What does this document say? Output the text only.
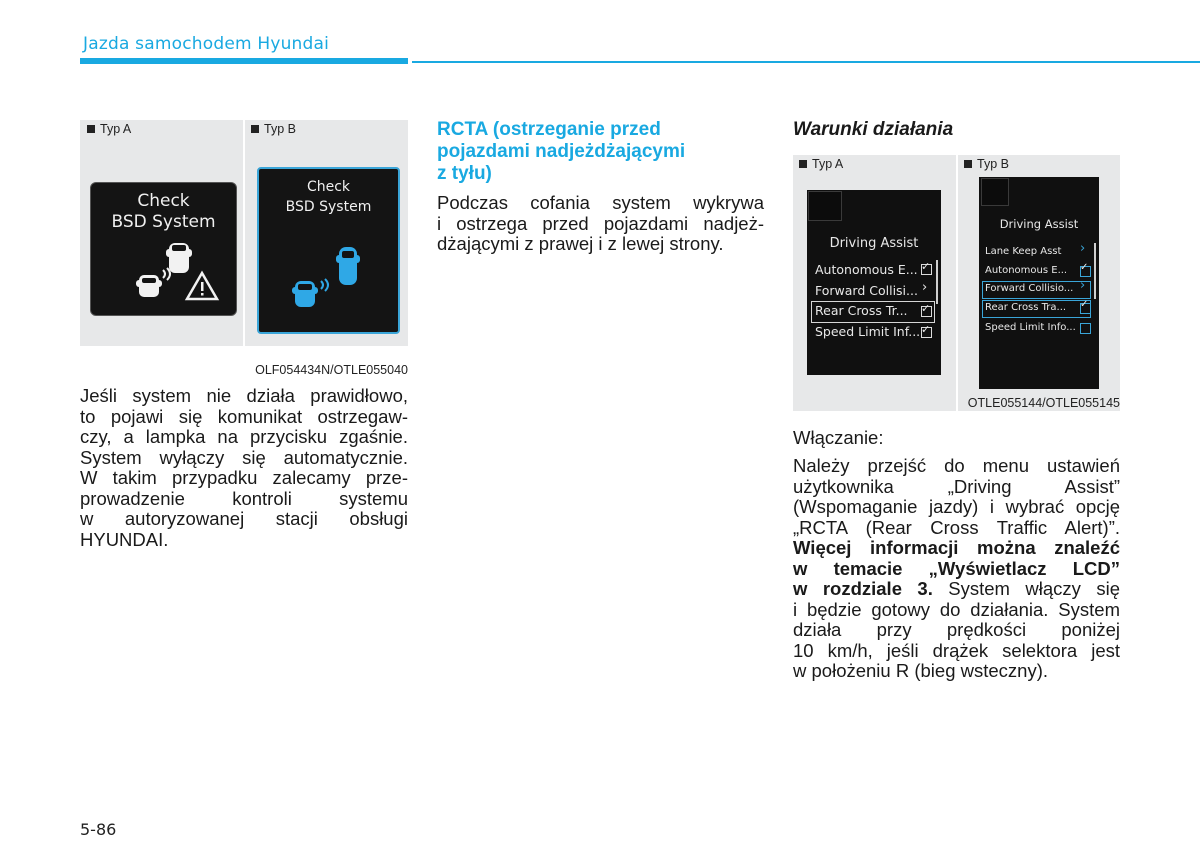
Jazda samochodem Hyundai
Typ A	Typ B
Check
BSD System
Check
BSD System
OLF054434N/OTLE055040
Jeśli system nie działa prawidłowo,
to pojawi się komunikat ostrzegaw-
czy, a lampka na przycisku zgaśnie.
System wyłączy się automatycznie.
W takim przypadku zalecamy prze-
prowadzenie kontroli systemu
w autoryzowanej stacji obsługi
HYUNDAI.
RCTA (ostrzeganie przed
pojazdami nadjeżdżającymi
z tyłu)
Podczas cofania system wykrywa
i ostrzega przed pojazdami nadjeż-
dżającymi z prawej i z lewej strony.
Warunki działania
Typ A	Typ B
Driving Assist
Autonomous E... ✓
Forward Collisi... ›
Rear Cross Tr... ✓
Speed Limit Inf... ✓
Driving Assist
Lane Keep Asst ›
Autonomous E... ✓
Forward Collisio... ›
Rear Cross Tra... ✓
Speed Limit Info...
OTLE055144/OTLE055145
Włączanie:
Należy przejść do menu ustawień
użytkownika „Driving Assist”
(Wspomaganie jazdy) i wybrać opcję
„RCTA (Rear Cross Traffic Alert)”.
Więcej informacji można znaleźć
w temacie „Wyświetlacz LCD”
w rozdziale 3. System włączy się
i będzie gotowy do działania. System
działa przy prędkości poniżej
10 km/h, jeśli drążek selektora jest
w położeniu R (bieg wsteczny).
5-86
